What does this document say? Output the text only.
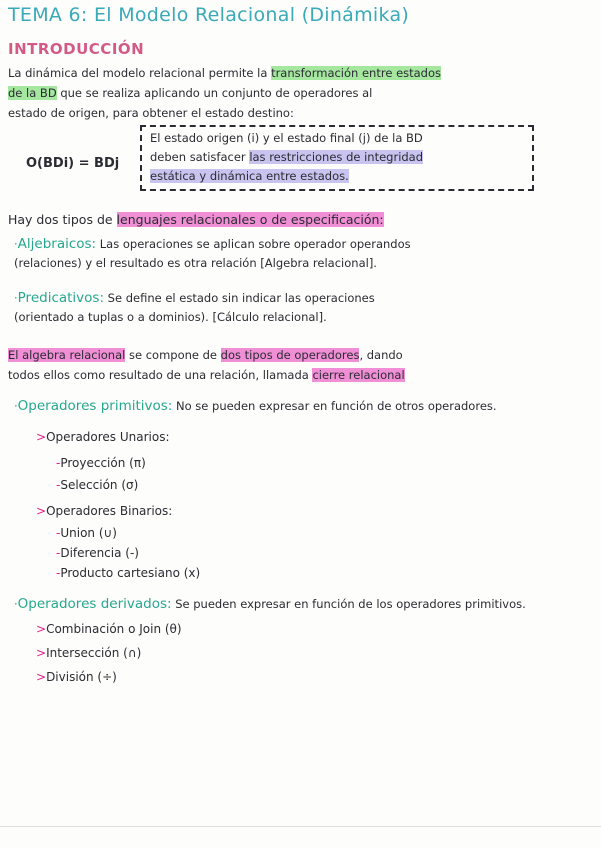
TEMA 6: El Modelo Relacional (Dinámika)
INTRODUCCIÓN
La dinámica del modelo relacional permite la transformación entre estados
de la BD que se realiza aplicando un conjunto de operadores al
estado de origen, para obtener el estado destino:
O(BDi) = BDj
El estado origen (i) y el estado final (j) de la BD
deben satisfacer las restricciones de integridad
estática y dinámica entre estados.
Hay dos tipos de lenguajes relacionales o de especificación:
·Aljebraicos: Las operaciones se aplican sobre operador operandos
(relaciones) y el resultado es otra relación [Algebra relacional].
·Predicativos: Se define el estado sin indicar las operaciones
(orientado a tuplas o a dominios). [Cálculo relacional].
El algebra relacional se compone de dos tipos de operadores, dando
todos ellos como resultado de una relación, llamada cierre relacional
·Operadores primitivos: No se pueden expresar en función de otros operadores.
>Operadores Unarios:
-Proyección (π)
-Selección (σ)
>Operadores Binarios:
-Union (∪)
-Diferencia (-)
-Producto cartesiano (x)
·Operadores derivados: Se pueden expresar en función de los operadores primitivos.
>Combinación o Join (θ)
>Intersección (∩)
>División (÷)
